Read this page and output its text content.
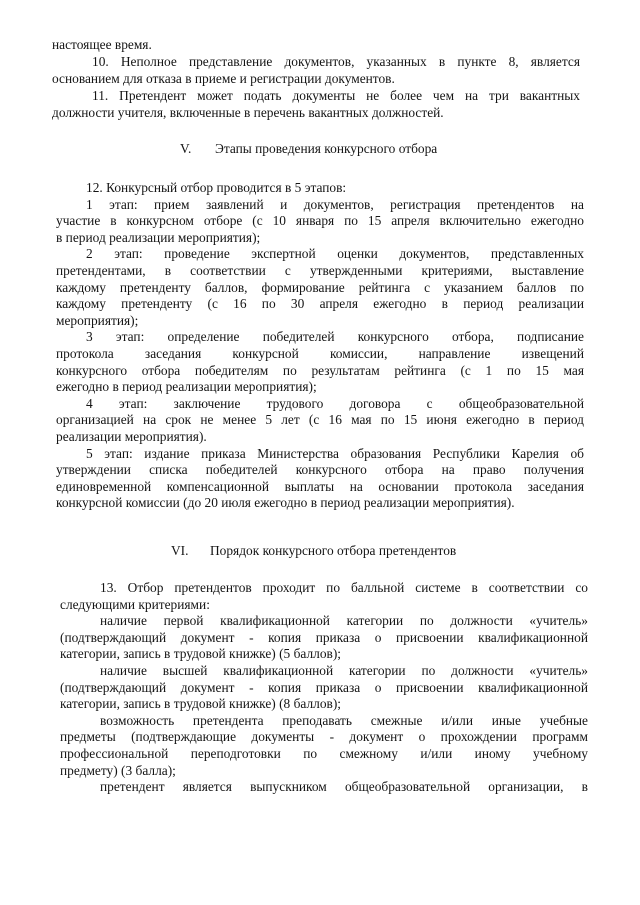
настоящее время.
10. Неполное представление документов, указанных в пункте 8, является
основанием для отказа в приеме и регистрации документов.
11. Претендент может подать документы не более чем на три вакантных
должности учителя, включенные в перечень вакантных должностей.
V. Этапы проведения конкурсного отбора
12. Конкурсный отбор проводится в 5 этапов:
1 этап: прием заявлений и документов, регистрация претендентов на
участие в конкурсном отборе (с 10 января по 15 апреля включительно ежегодно
в период реализации мероприятия);
2 этап: проведение экспертной оценки документов, представленных
претендентами, в соответствии с утвержденными критериями, выставление
каждому претенденту баллов, формирование рейтинга с указанием баллов по
каждому претенденту (с 16 по 30 апреля ежегодно в период реализации
мероприятия);
3 этап: определение победителей конкурсного отбора, подписание
протокола заседания конкурсной комиссии, направление извещений
конкурсного отбора победителям по результатам рейтинга (с 1 по 15 мая
ежегодно в период реализации мероприятия);
4 этап: заключение трудового договора с общеобразовательной
организацией на срок не менее 5 лет (с 16 мая по 15 июня ежегодно в период
реализации мероприятия).
5 этап: издание приказа Министерства образования Республики Карелия об
утверждении списка победителей конкурсного отбора на право получения
единовременной компенсационной выплаты на основании протокола заседания
конкурсной комиссии (до 20 июля ежегодно в период реализации мероприятия).
VI. Порядок конкурсного отбора претендентов
13. Отбор претендентов проходит по балльной системе в соответствии со
следующими критериями:
наличие первой квалификационной категории по должности «учитель»
(подтверждающий документ - копия приказа о присвоении квалификационной
категории, запись в трудовой книжке) (5 баллов);
наличие высшей квалификационной категории по должности «учитель»
(подтверждающий документ - копия приказа о присвоении квалификационной
категории, запись в трудовой книжке) (8 баллов);
возможность претендента преподавать смежные и/или иные учебные
предметы (подтверждающие документы - документ о прохождении программ
профессиональной переподготовки по смежному и/или иному учебному
предмету) (3 балла);
претендент является выпускником общеобразовательной организации, в
